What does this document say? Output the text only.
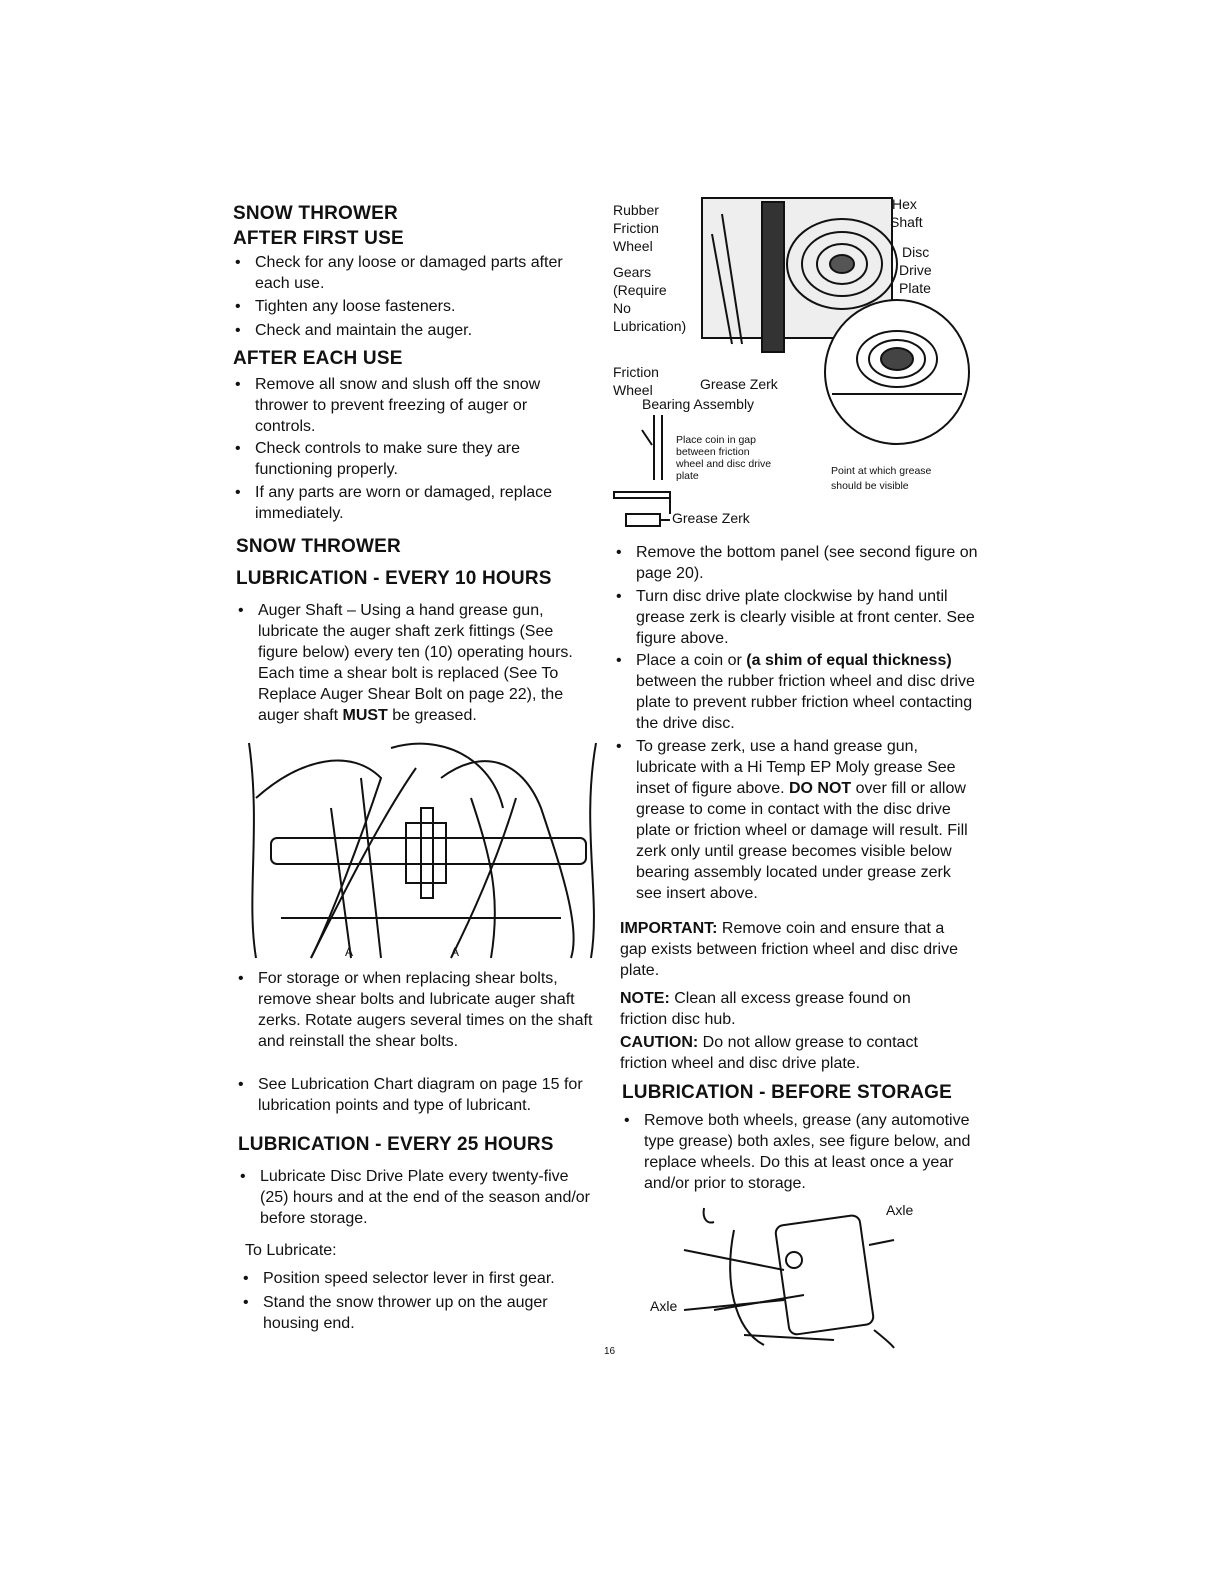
SNOW THROWER
AFTER FIRST USE

• Check for any loose or damaged parts after each use.

• Tighten any loose fasteners.

• Check and maintain the auger.

AFTER EACH USE

• Remove all snow and slush off the snow thrower to prevent freezing of auger or controls.

• Check controls to make sure they are functioning properly.

• If any parts are worn or damaged, replace immediately.

SNOW THROWER
LUBRICATION - EVERY 10 HOURS

• Auger Shaft – Using a hand grease gun, lubricate the auger shaft zerk fittings (See figure below) every ten (10) operating hours. Each time a shear bolt is replaced (See To Replace Auger Shear Bolt on page 22), the auger shaft MUST be greased.

A	A

• For storage or when replacing shear bolts, remove shear bolts and lubricate auger shaft zerks. Rotate augers several times on the shaft and reinstall the shear bolts.

• See Lubrication Chart diagram on page 15 for lubrication points and type of lubricant.

LUBRICATION - EVERY 25 HOURS

• Lubricate Disc Drive Plate every twenty-five (25) hours and at the end of the season and/or before storage.

To Lubricate:

• Position speed selector lever in first gear.

• Stand the snow thrower up on the auger housing end.

Rubber
Friction
Wheel
Gears
(Require
No
Lubrication)
Hex
Shaft
Disc
Drive
Plate
Friction
Wheel	Grease Zerk
Bearing Assembly
Place coin in gap
between friction
wheel and disc drive
plate	Point at which grease
should be visible
Grease Zerk

• Remove the bottom panel (see second figure on page 20).

• Turn disc drive plate clockwise by hand until grease zerk is clearly visible at front center. See figure above.

• Place a coin or (a shim of equal thickness) between the rubber friction wheel and disc drive plate to prevent rubber friction wheel contacting the drive disc.

• To grease zerk, use a hand grease gun, lubricate with a Hi Temp EP Moly grease See inset of figure above. DO NOT over fill or allow grease to come in contact with the disc drive plate or friction wheel or damage will result. Fill zerk only until grease becomes visible below bearing assembly located under grease zerk see insert above.

IMPORTANT: Remove coin and ensure that a gap exists between friction wheel and disc drive plate.

NOTE: Clean all excess grease found on friction disc hub.

CAUTION: Do not allow grease to contact friction wheel and disc drive plate.

LUBRICATION - BEFORE STORAGE

• Remove both wheels, grease (any automotive type grease) both axles, see figure below, and replace wheels. Do this at least once a year and/or prior to storage.

Axle
Axle
16
